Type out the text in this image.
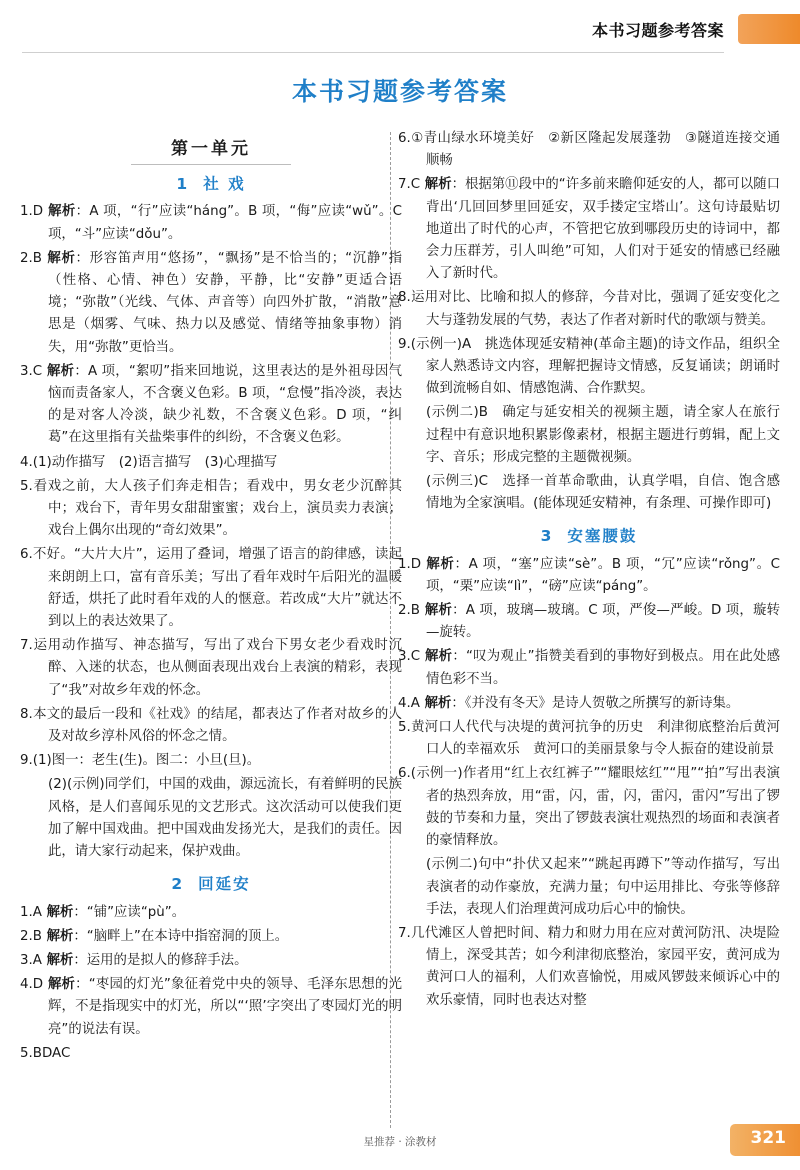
本书习题参考答案
本书习题参考答案
第一单元
1 社 戏
1.D 解析：A 项，“行”应读“háng”。B 项，“侮”应读“wǔ”。C 项，“斗”应读“dǒu”。
2.B 解析：形容笛声用“悠扬”，“飘扬”是不恰当的；“沉静”指（性格、心情、神色）安静，平静，比“安静”更适合语境；“弥散”（光线、气体、声音等）向四外扩散，“消散”意思是（烟雾、气味、热力以及感觉、情绪等抽象事物）消失，用“弥散”更恰当。
3.C 解析：A 项，“絮叨”指来回地说，这里表达的是外祖母因气恼而责备家人，不含褒义色彩。B 项，“怠慢”指冷淡，表达的是对客人冷淡，缺少礼数，不含褒义色彩。D 项，“纠葛”在这里指有关盐柴事件的纠纷，不含褒义色彩。
4.(1)动作描写　(2)语言描写　(3)心理描写
5.看戏之前，大人孩子们奔走相告；看戏中，男女老少沉醉其中；戏台下，青年男女甜甜蜜蜜；戏台上，演员卖力表演；戏台上偶尔出现的“奇幻效果”。
6.不好。“大片大片”，运用了叠词，增强了语言的韵律感，读起来朗朗上口，富有音乐美；写出了看年戏时午后阳光的温暖舒适，烘托了此时看年戏的人的惬意。若改成“大片”就达不到以上的表达效果了。
7.运用动作描写、神态描写，写出了戏台下男女老少看戏时沉醉、入迷的状态，也从侧面表现出戏台上表演的精彩，表现了“我”对故乡年戏的怀念。
8.本文的最后一段和《社戏》的结尾，都表达了作者对故乡的人及对故乡淳朴风俗的怀念之情。
9.(1)图一：老生(生)。图二：小旦(旦)。
(2)(示例)同学们，中国的戏曲，源远流长，有着鲜明的民族风格，是人们喜闻乐见的文艺形式。这次活动可以使我们更加了解中国戏曲。把中国戏曲发扬光大，是我们的责任。因此，请大家行动起来，保护戏曲。
2 回延安
1.A 解析：“铺”应读“pù”。
2.B 解析：“脑畔上”在本诗中指窑洞的顶上。
3.A 解析：运用的是拟人的修辞手法。
4.D 解析：“枣园的灯光”象征着党中央的领导、毛泽东思想的光辉，不是指现实中的灯光，所以“‘照’字突出了枣园灯光的明亮”的说法有误。
5.BDAC
6.①青山绿水环境美好　②新区隆起发展蓬勃　③隧道连接交通顺畅
7.C 解析：根据第⑪段中的“许多前来瞻仰延安的人，都可以随口背出‘几回回梦里回延安，双手搂定宝塔山’。这句诗最贴切地道出了时代的心声，不管把它放到哪段历史的诗词中，都会力压群芳，引人叫绝”可知，人们对于延安的情感已经融入了新时代。
8.运用对比、比喻和拟人的修辞，今昔对比，强调了延安变化之大与蓬勃发展的气势，表达了作者对新时代的歌颂与赞美。
9.(示例一)A　挑选体现延安精神(革命主题)的诗文作品，组织全家人熟悉诗文内容，理解把握诗文情感，反复诵读；朗诵时做到流畅自如、情感饱满、合作默契。
(示例二)B　确定与延安相关的视频主题，请全家人在旅行过程中有意识地积累影像素材，根据主题进行剪辑，配上文字、音乐；形成完整的主题微视频。
(示例三)C　选择一首革命歌曲，认真学唱，自信、饱含感情地为全家演唱。(能体现延安精神，有条理、可操作即可)
3 安塞腰鼓
1.D 解析：A 项，“塞”应读“sè”。B 项，“冗”应读“rǒng”。C 项，“栗”应读“lì”，“磅”应读“páng”。
2.B 解析：A 项，玻璃—玻璃。C 项，严俊—严峻。D 项，璇转—旋转。
3.C 解析：“叹为观止”指赞美看到的事物好到极点。用在此处感情色彩不当。
4.A 解析：《并没有冬天》是诗人贺敬之所撰写的新诗集。
5.黄河口人代代与决堤的黄河抗争的历史　利津彻底整治后黄河口人的幸福欢乐　黄河口的美丽景象与令人振奋的建设前景
6.(示例一)作者用“红上衣红裤子”“耀眼炫红”“甩”“拍”写出表演者的热烈奔放，用“雷，闪，雷，闪，雷闪，雷闪”写出了锣鼓的节奏和力量，突出了锣鼓表演壮观热烈的场面和表演者的豪情释放。
(示例二)句中“扑伏又起来”“跳起再蹲下”等动作描写，写出表演者的动作豪放，充满力量；句中运用排比、夸张等修辞手法，表现人们治理黄河成功后心中的愉快。
7.几代滩区人曾把时间、精力和财力用在应对黄河防汛、决堤险情上，深受其苦；如今利津彻底整治，家园平安，黄河成为黄河口人的福利，人们欢喜愉悦，用威风锣鼓来倾诉心中的欢乐豪情，同时也表达对整
星推荐 · 涂教材	321
